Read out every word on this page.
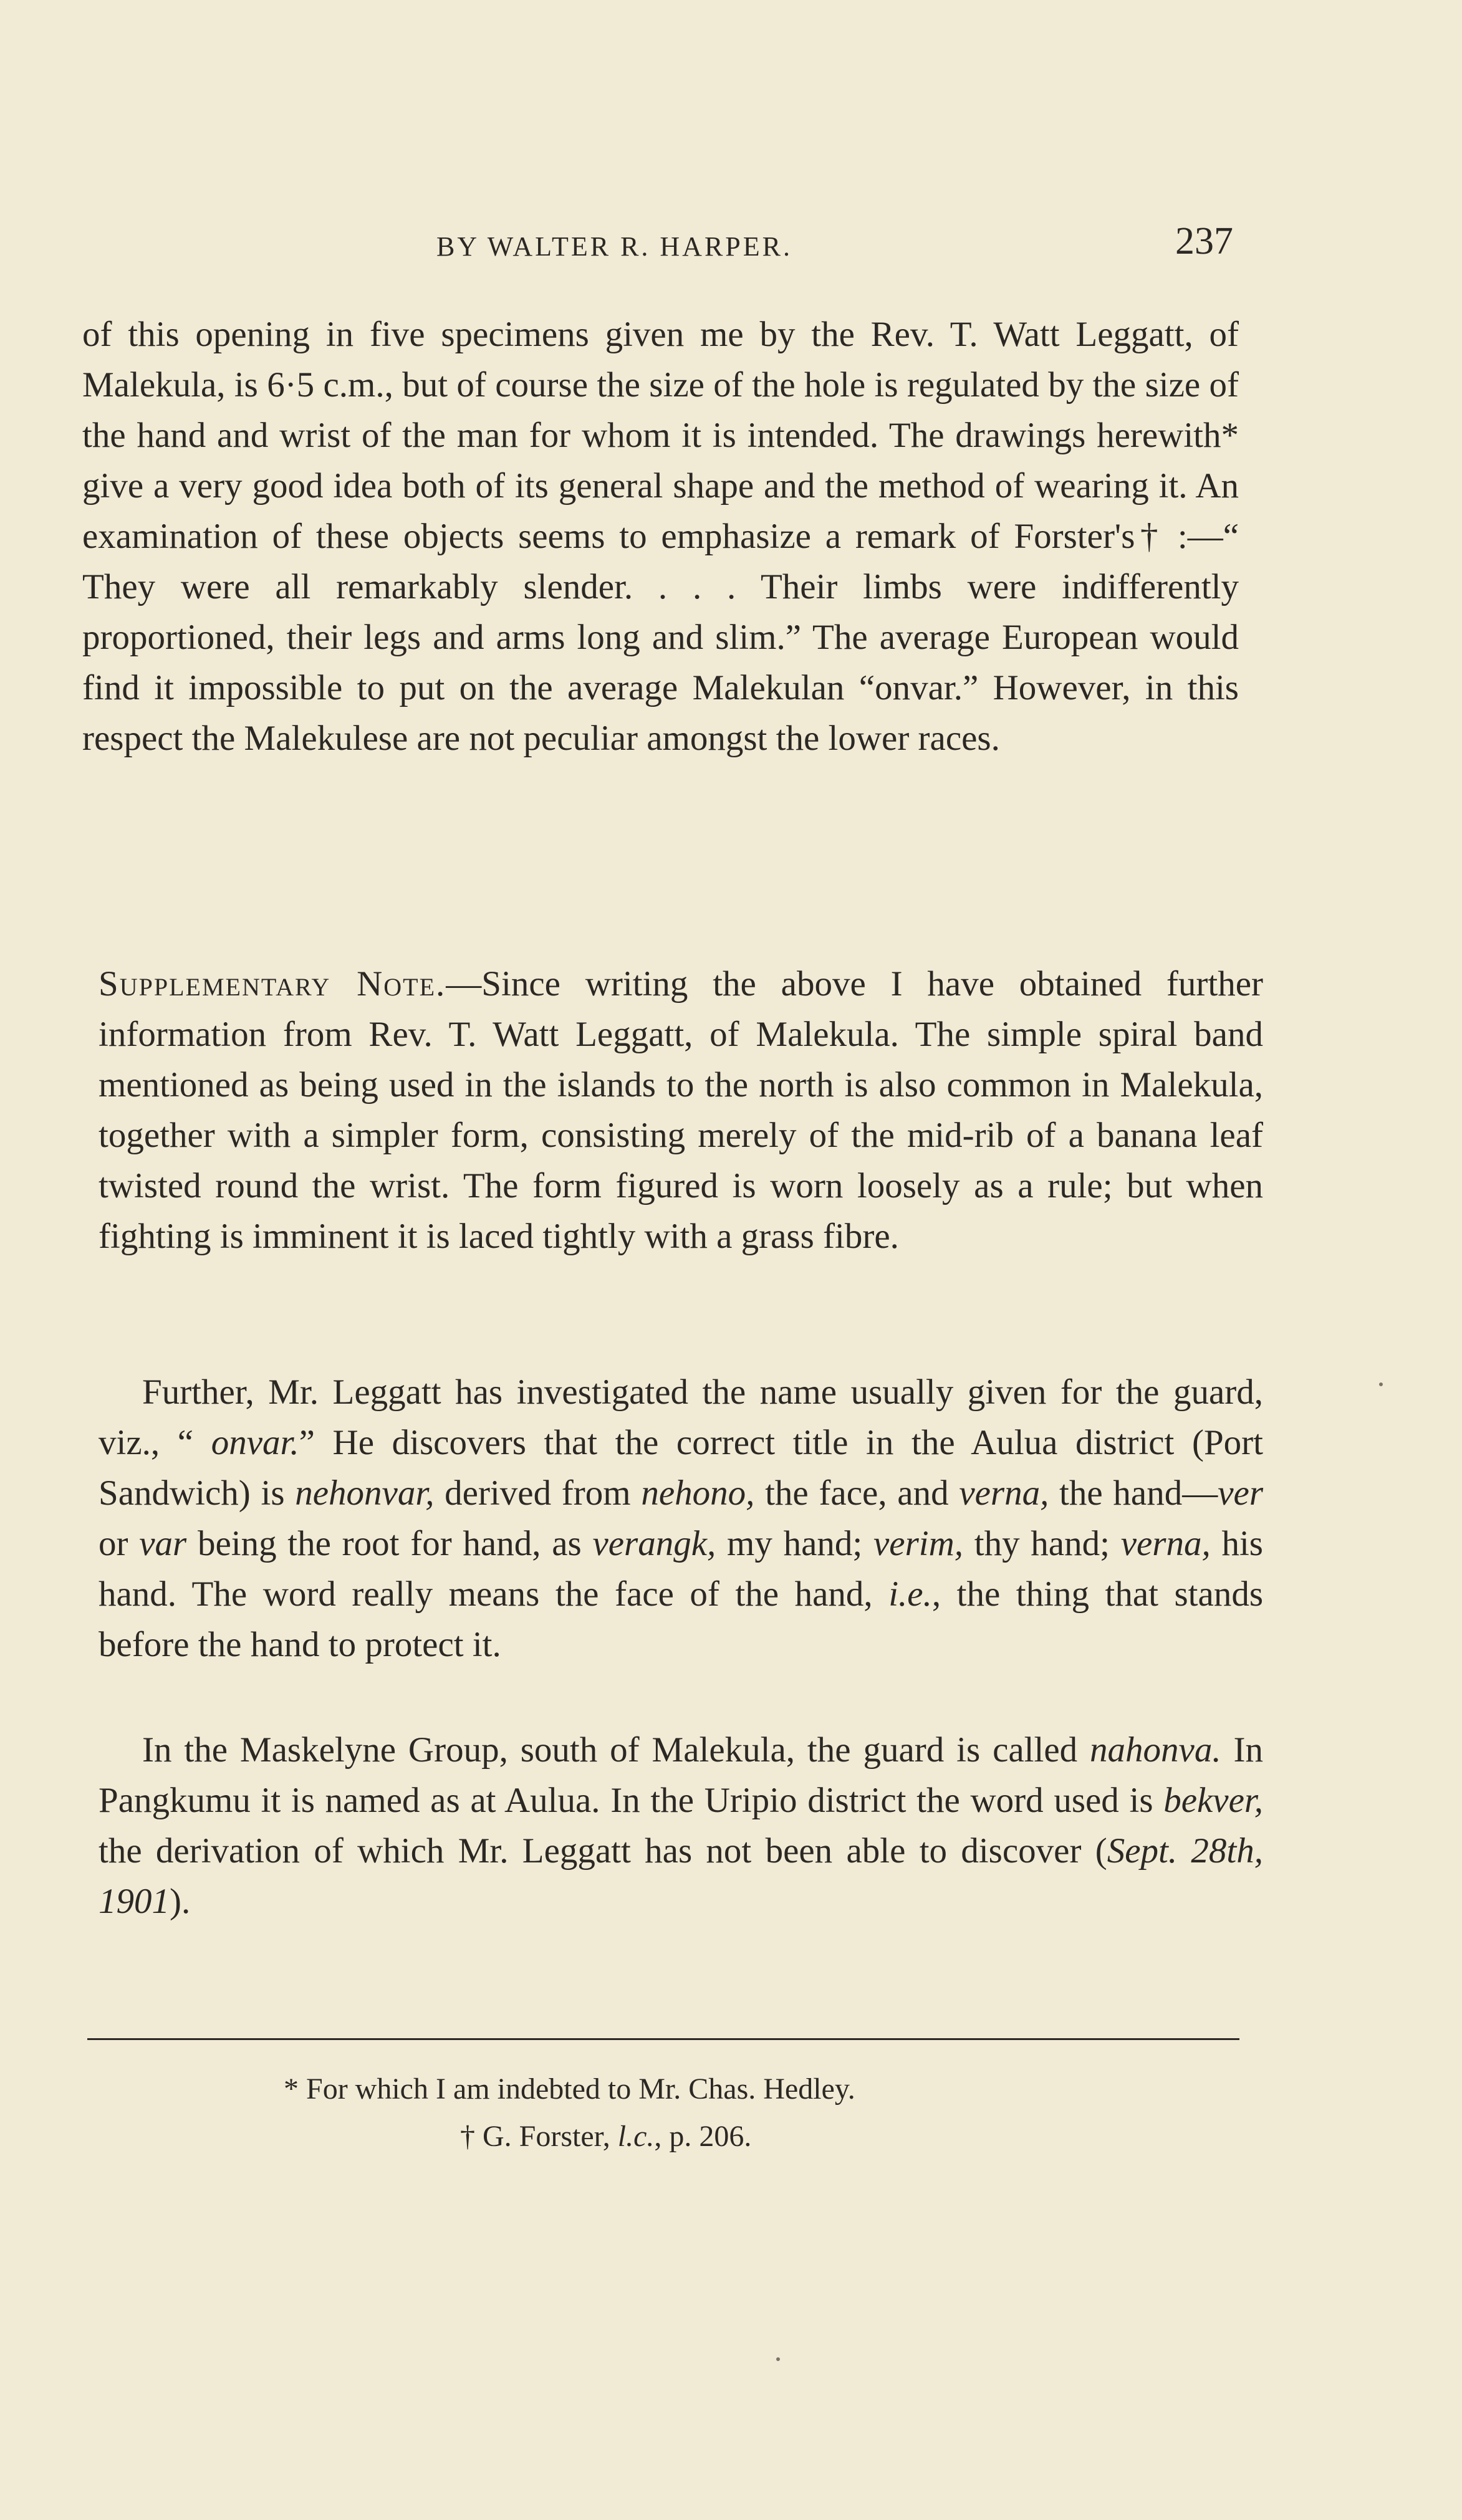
BY WALTER R. HARPER.	237

of this opening in five specimens given me by the Rev. T. Watt Leggatt, of Malekula, is 6·5 c.m., but of course the size of the hole is regulated by the size of the hand and wrist of the man for whom it is intended. The drawings herewith* give a very good idea both of its general shape and the method of wearing it. An examination of these objects seems to emphasize a remark of Forster's† :—“ They were all remarkably slender. . . . Their limbs were indifferently proportioned, their legs and arms long and slim.” The average European would find it impossible to put on the average Malekulan “onvar.” However, in this respect the Malekulese are not peculiar amongst the lower races.

Supplementary Note.—Since writing the above I have obtained further information from Rev. T. Watt Leggatt, of Malekula. The simple spiral band mentioned as being used in the islands to the north is also common in Malekula, together with a simpler form, consisting merely of the mid-rib of a banana leaf twisted round the wrist. The form figured is worn loosely as a rule; but when fighting is imminent it is laced tightly with a grass fibre.

Further, Mr. Leggatt has investigated the name usually given for the guard, viz., “ onvar.” He discovers that the correct title in the Aulua district (Port Sandwich) is nehonvar, derived from nehono, the face, and verna, the hand—ver or var being the root for hand, as verangk, my hand; verim, thy hand; verna, his hand. The word really means the face of the hand, i.e., the thing that stands before the hand to protect it.

In the Maskelyne Group, south of Malekula, the guard is called nahonva. In Pangkumu it is named as at Aulua. In the Uripio district the word used is bekver, the derivation of which Mr. Leggatt has not been able to discover (Sept. 28th, 1901).

* For which I am indebted to Mr. Chas. Hedley.
† G. Forster, l.c., p. 206.
